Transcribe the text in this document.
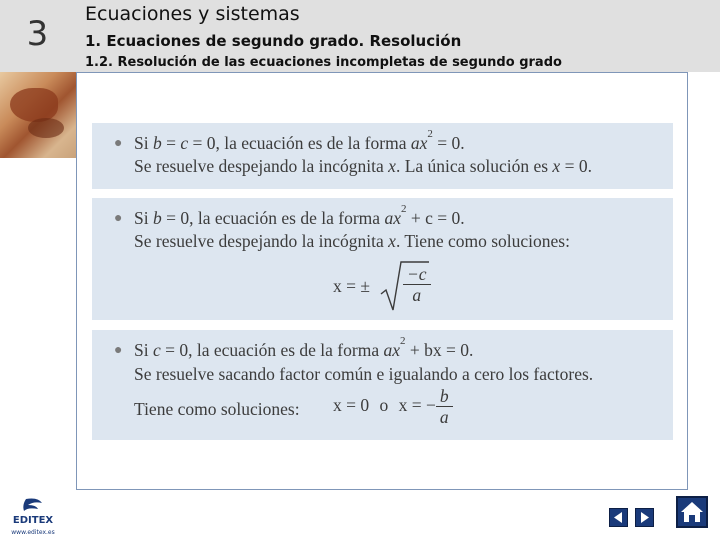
3	Ecuaciones y sistemas
1. Ecuaciones de segundo grado. Resolución
1.2. Resolución de las ecuaciones incompletas de segundo grado
● Si b = c = 0, la ecuación es de la forma $ax^2 = 0$.
Se resuelve despejando la incógnita x. La única solución es x = 0.
● Si b = 0, la ecuación es de la forma $ax^2 + c = 0$.
Se resuelve despejando la incógnita x. Tiene como soluciones:
x = ± $\frac{-c}{a}$
● Si c = 0, la ecuación es de la forma $ax^2$ + bx = 0.
Se resuelve sacando factor común e igualando a cero los factores.
Tiene como soluciones: x = 0 o x = − $\frac{b}{a}$
EDITEX
www.editex.es
